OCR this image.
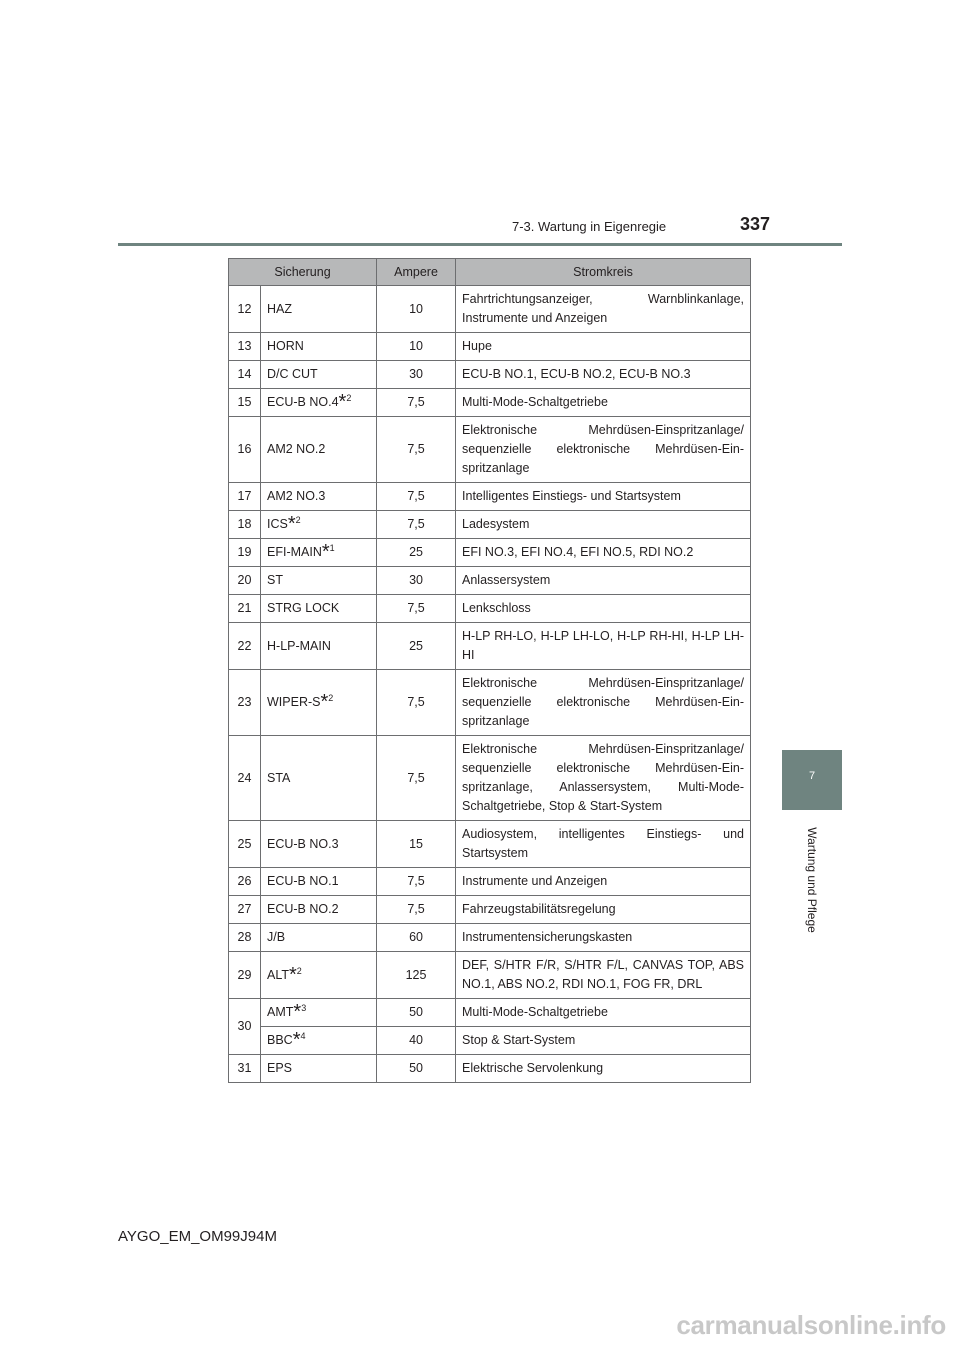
7-3. Wartung in Eigenregie	337
7
Wartung und Pflege
Sicherung		Ampere	Stromkreis
12	HAZ	10	Fahrtrichtungsanzeiger, Warnblinkanlage, Instrumente und Anzeigen
13	HORN	10	Hupe
14	D/C CUT	30	ECU-B NO.1, ECU-B NO.2, ECU-B NO.3
15	ECU-B NO.4*$^2$	7,5	Multi-Mode-Schaltgetriebe
16	AM2 NO.2	7,5	Elektronische Mehrdüsen-Einspritzanlage/ sequenzielle elektronische Mehrdüsen-Ein-spritzanlage
17	AM2 NO.3	7,5	Intelligentes Einstiegs- und Startsystem
18	ICS*$^2$	7,5	Ladesystem
19	EFI-MAIN*$^1$	25	EFI NO.3, EFI NO.4, EFI NO.5, RDI NO.2
20	ST	30	Anlassersystem
21	STRG LOCK	7,5	Lenkschloss
22	H-LP-MAIN	25	H-LP RH-LO, H-LP LH-LO, H-LP RH-HI, H-LP LH-HI
23	WIPER-S*$^2$	7,5	Elektronische Mehrdüsen-Einspritzanlage/ sequenzielle elektronische Mehrdüsen-Ein-spritzanlage
24	STA	7,5	Elektronische Mehrdüsen-Einspritzanlage/ sequenzielle elektronische Mehrdüsen-Ein-spritzanlage, Anlassersystem, Multi-Mode-Schaltgetriebe, Stop & Start-System
25	ECU-B NO.3	15	Audiosystem, intelligentes Einstiegs- und Startsystem
26	ECU-B NO.1	7,5	Instrumente und Anzeigen
27	ECU-B NO.2	7,5	Fahrzeugstabilitätsregelung
28	J/B	60	Instrumentensicherungskasten
29	ALT*$^2$	125	DEF, S/HTR F/R, S/HTR F/L, CANVAS TOP, ABS NO.1, ABS NO.2, RDI NO.1, FOG FR, DRL
30	AMT*$^3$	50	Multi-Mode-Schaltgetriebe
	BBC*$^4$	40	Stop & Start-System
31	EPS	50	Elektrische Servolenkung
AYGO_EM_OM99J94M
carmanualsonline.info
